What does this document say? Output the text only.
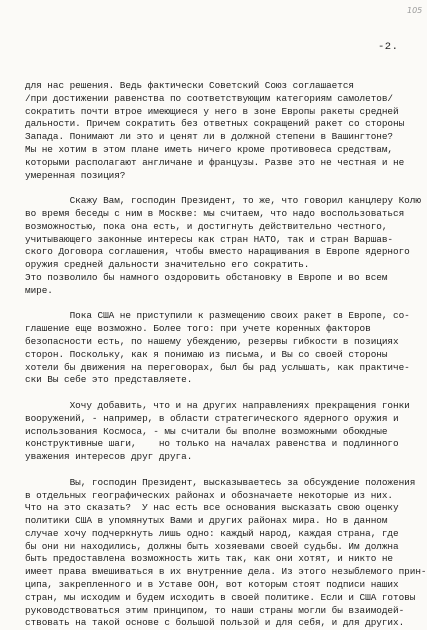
105
-2.
для нас решения. Ведь фактически Советский Союз соглашается
/при достижении равенства по соответствующим категориям самолетов/
сократить почти втрое имеющиеся у него в зоне Европы ракеты средней
дальности. Причем сократить без ответных сокращений ракет со стороны
Запада. Понимают ли это и ценят ли в должной степени в Вашингтоне?
Мы не хотим в этом плане иметь ничего кроме противовеса средствам,
которыми располагают англичане и французы. Разве это не честная и не
умеренная позиция?
Скажу Вам, господин Президент, то же, что говорил канцлеру Колю
во время беседы с ним в Москве: мы считаем, что надо воспользоваться
возможностью, пока она есть, и достигнуть действительно честного,
учитывающего законные интересы как стран НАТО, так и стран Варшав-
ского Договора соглашения, чтобы вместо наращивания в Европе ядерного
оружия средней дальности значительно его сократить.
Это позволило бы намного оздоровить обстановку в Европе и во всем
мире.
Пока США не приступили к размещению своих ракет в Европе, со-
глашение еще возможно. Более того: при учете коренных факторов
безопасности есть, по нашему убеждению, резервы гибкости в позициях
сторон. Поскольку, как я понимаю из письма, и Вы со своей стороны
хотели бы движения на переговорах, был бы рад услышать, как практиче-
ски Вы себе это представляете.
Хочу добавить, что и на других направлениях прекращения гонки
вооружений, - например, в области стратегического ядерного оружия и
использования Космоса, - мы считали бы вполне возможными обоюдные
конструктивные шаги,    но только на началах равенства и подлинного
уважения интересов друг друга.
Вы, господин Президент, высказываетесь за обсуждение положения
в отдельных географических районах и обозначаете некоторые из них.
Что на это сказать?  У нас есть все основания высказать свою оценку
политики США в упомянутых Вами и других районах мира. Но в данном
случае хочу подчеркнуть лишь одно: каждый народ, каждая страна, где
бы они ни находились, должны быть хозяевами своей судьбы. Им должна
быть предоставлена возможность жить так, как они хотят, и никто не
имеет права вмешиваться в их внутренние дела. Из этого незыблемого прин-
ципа, закрепленного и в Уставе ООН, вот которым стоят подписи наших
стран, мы исходим и будем исходить в своей политике. Если и США готовы
руководствоваться этим принципом, то наши страны могли бы взаимодей-
ствовать на такой основе с большой пользой и для себя, и для других.
